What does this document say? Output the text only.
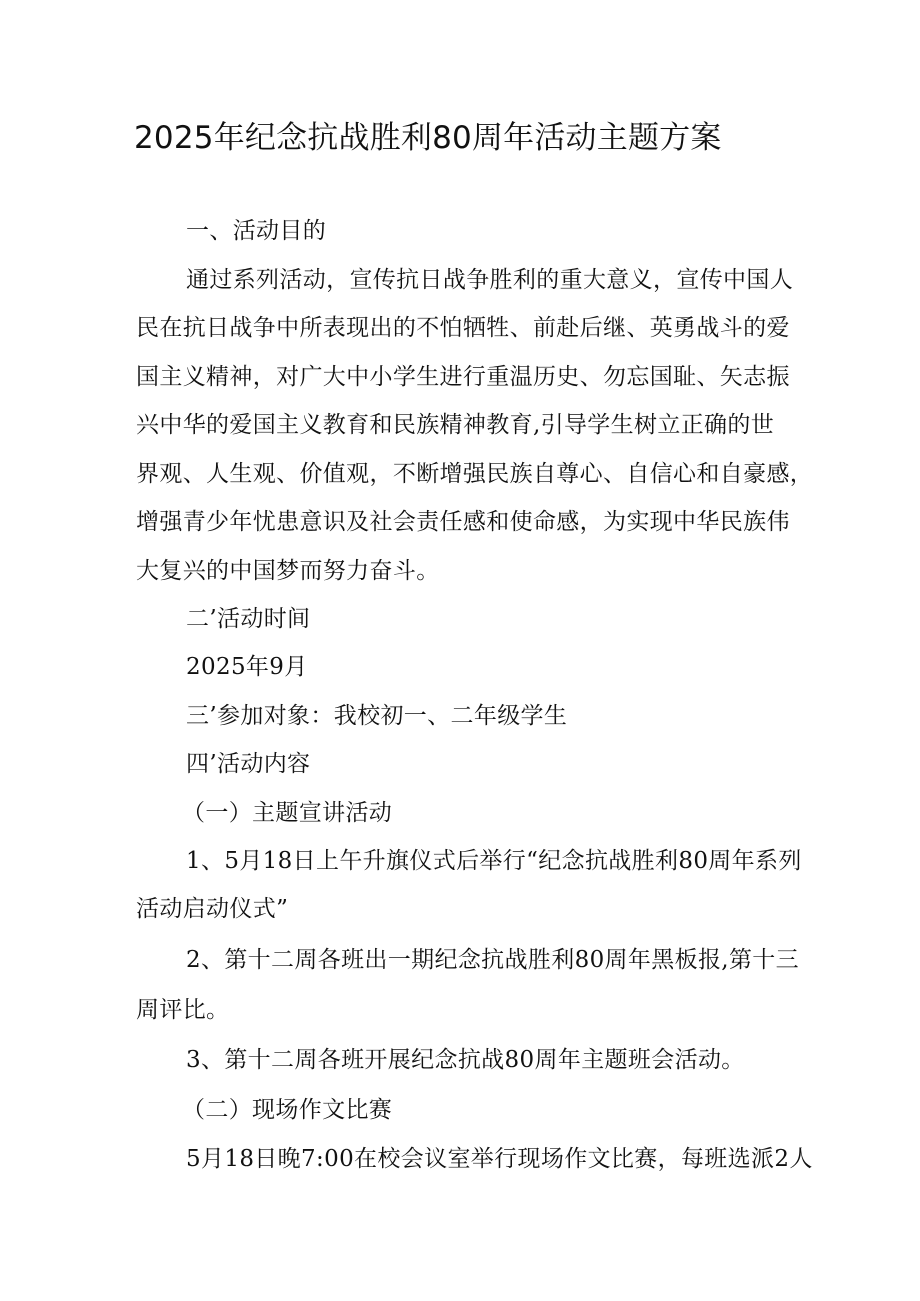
2025年纪念抗战胜利80周年活动主题方案
一、活动目的
通过系列活动，宣传抗日战争胜利的重大意义，宣传中国人
民在抗日战争中所表现出的不怕牺牲、前赴后继、英勇战斗的爱
国主义精神，对广大中小学生进行重温历史、勿忘国耻、矢志振
兴中华的爱国主义教育和民族精神教育,引导学生树立正确的世
界观、人生观、价值观，不断增强民族自尊心、自信心和自豪感，
增强青少年忧患意识及社会责任感和使命感，为实现中华民族伟
大复兴的中国梦而努力奋斗。
二’活动时间
2025年9月
三’参加对象：我校初一、二年级学生
四’活动内容
（一）主题宣讲活动
1、5月18日上午升旗仪式后举行“纪念抗战胜利80周年系列
活动启动仪式”
2、第十二周各班出一期纪念抗战胜利80周年黑板报,第十三
周评比。
3、第十二周各班开展纪念抗战80周年主题班会活动。
（二）现场作文比赛
5月18日晚7:00在校会议室举行现场作文比赛，每班选派2人
